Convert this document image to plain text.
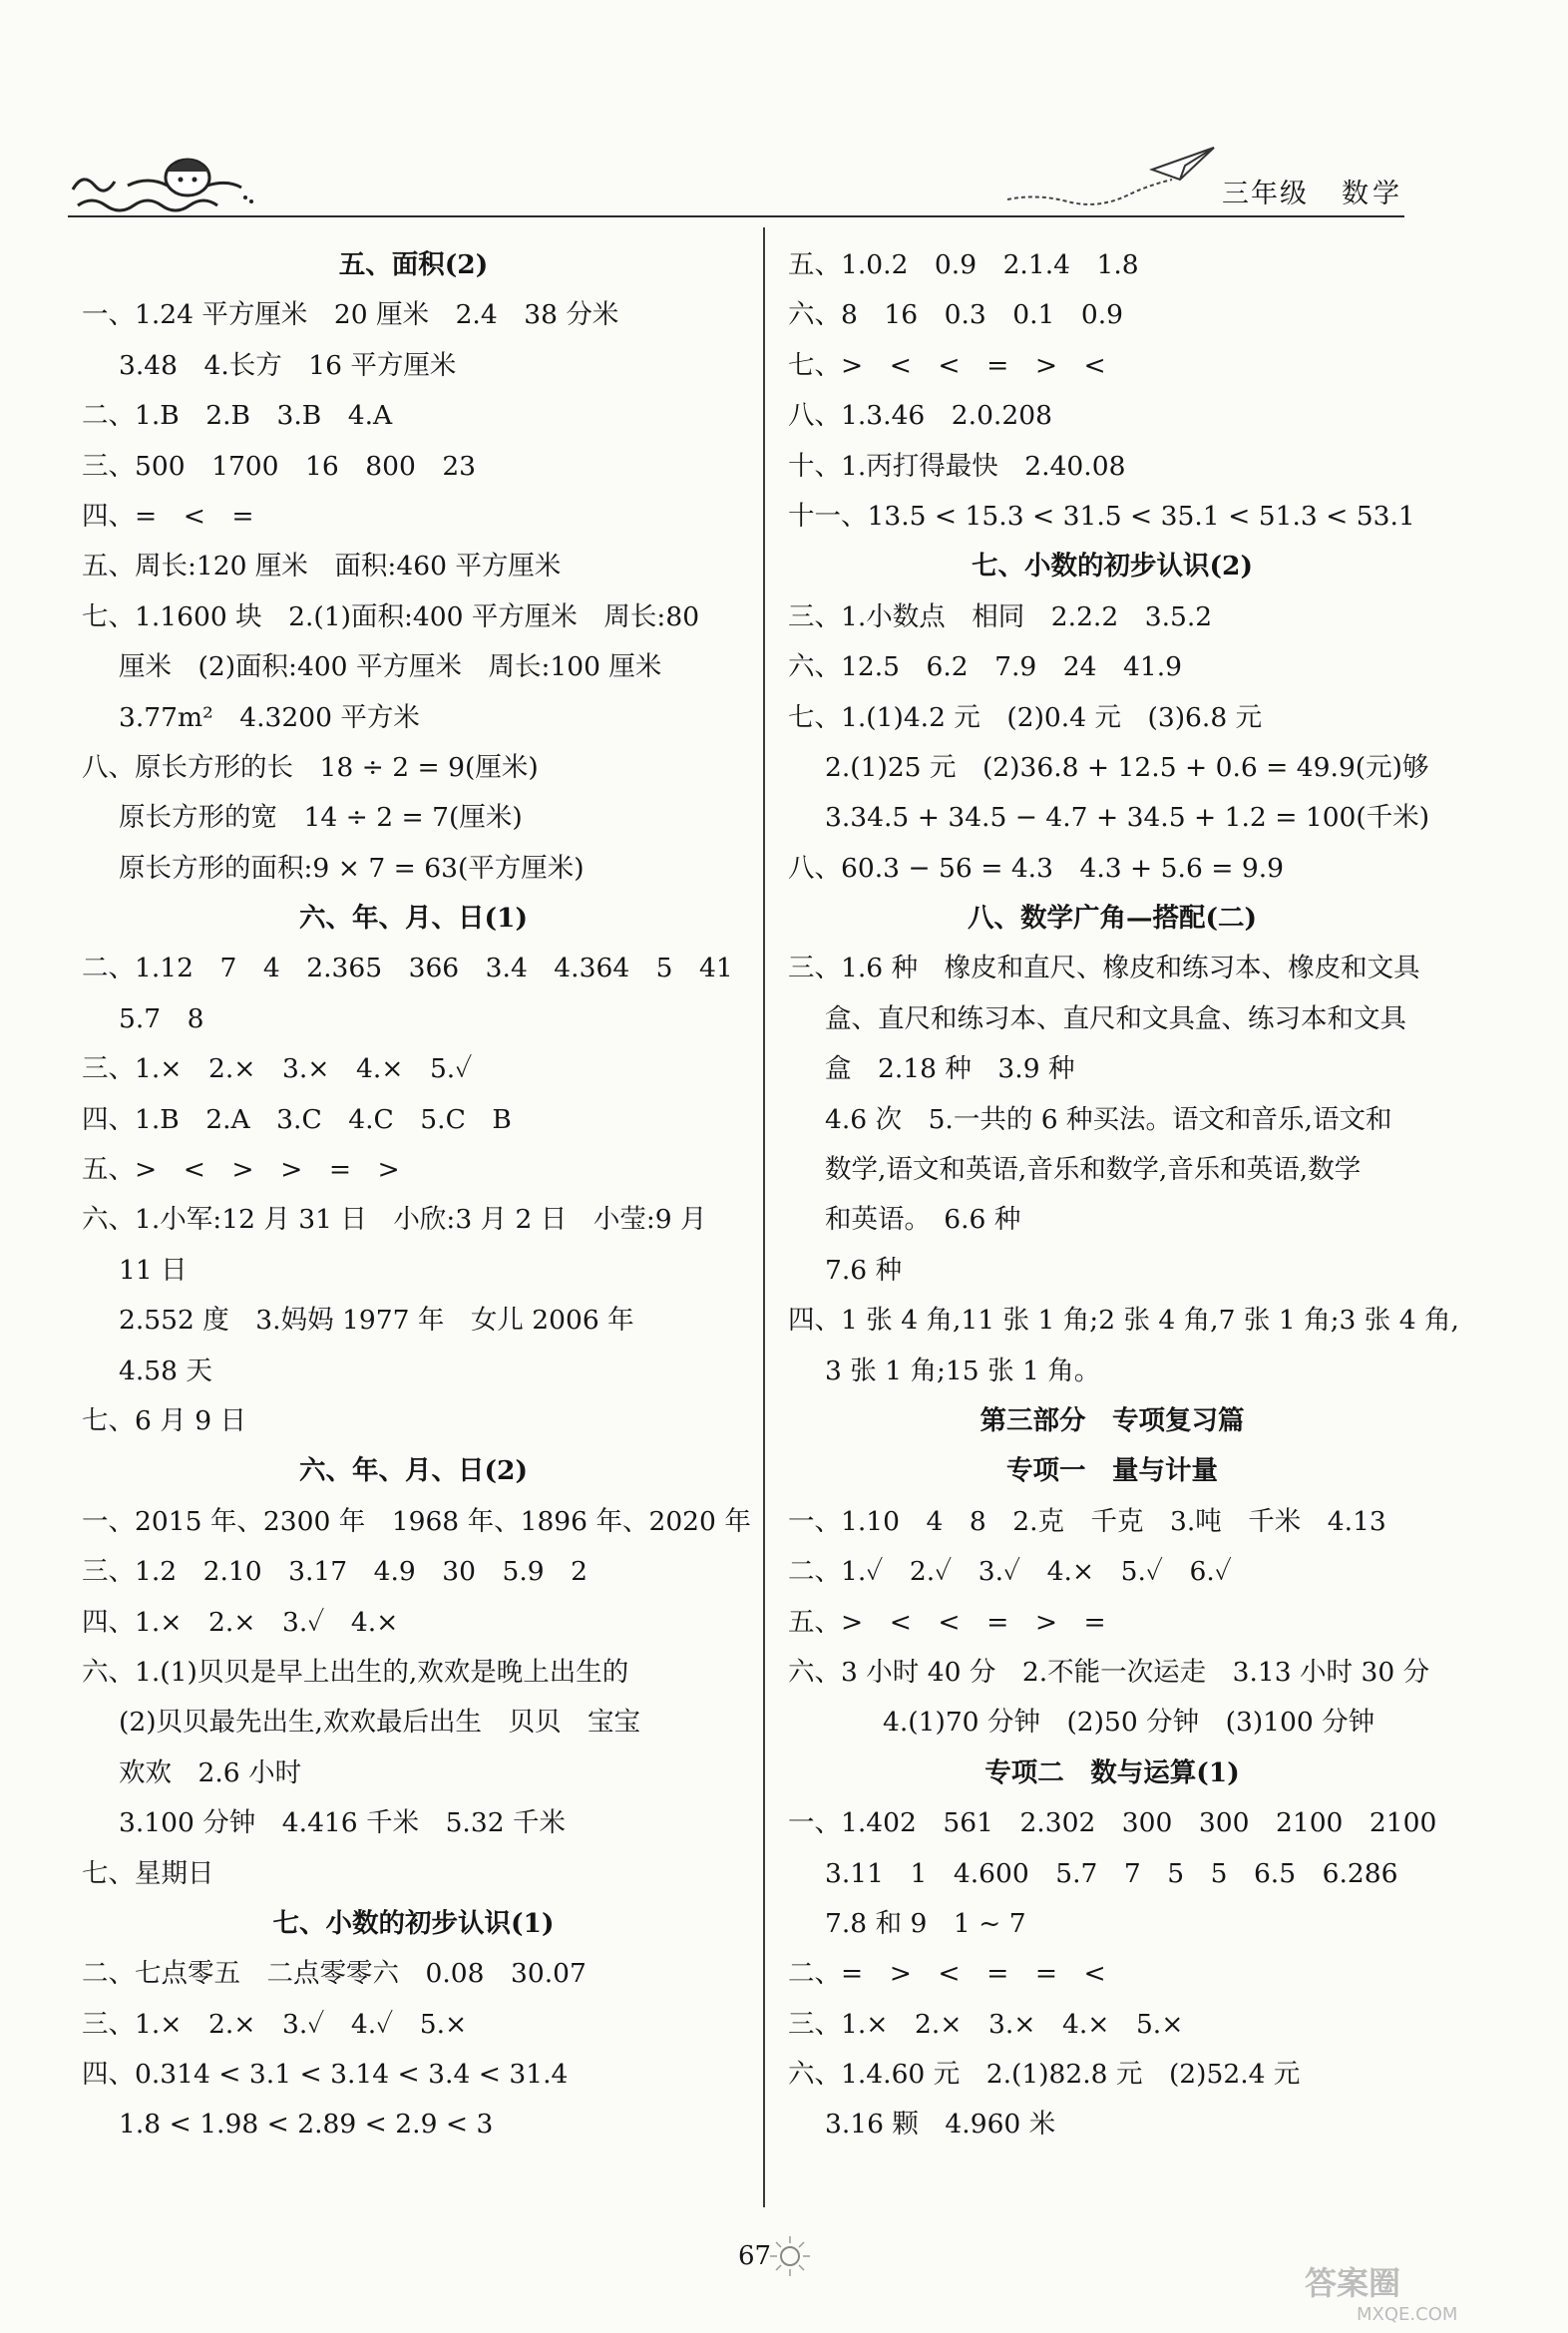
三年级 数学
五、面积(2)
一、1.24 平方厘米　20 厘米　2.4　38 分米
3.48　4.长方　16 平方厘米
二、1.B　2.B　3.B　4.A
三、500　1700　16　800　23
四、=　<　=
五、周长:120 厘米　面积:460 平方厘米
七、1.1600 块　2.(1)面积:400 平方厘米　周长:80
厘米　(2)面积:400 平方厘米　周长:100 厘米
3.77m²　4.3200 平方米
八、原长方形的长　18 ÷ 2 = 9(厘米)
原长方形的宽　14 ÷ 2 = 7(厘米)
原长方形的面积:9 × 7 = 63(平方厘米)
六、年、月、日(1)
二、1.12　7　4　2.365　366　3.4　4.364　5　41
5.7　8
三、1.×　2.×　3.×　4.×　5.✓
四、1.B　2.A　3.C　4.C　5.C　B
五、>　<　>　>　=　>
六、1.小军:12 月 31 日　小欣:3 月 2 日　小莹:9 月
11 日
2.552 度　3.妈妈 1977 年　女儿 2006 年
4.58 天
七、6 月 9 日
六、年、月、日(2)
一、2015 年、2300 年　1968 年、1896 年、2020 年
三、1.2　2.10　3.17　4.9　30　5.9　2
四、1.×　2.×　3.✓　4.×
六、1.(1)贝贝是早上出生的,欢欢是晚上出生的
(2)贝贝最先出生,欢欢最后出生　贝贝　宝宝
欢欢　2.6 小时
3.100 分钟　4.416 千米　5.32 千米
七、星期日
七、小数的初步认识(1)
二、七点零五　二点零零六　0.08　30.07
三、1.×　2.×　3.✓　4.✓　5.×
四、0.314 < 3.1 < 3.14 < 3.4 < 31.4
1.8 < 1.98 < 2.89 < 2.9 < 3
五、1.0.2　0.9　2.1.4　1.8
六、8　16　0.3　0.1　0.9
七、>　<　<　=　>　<
八、1.3.46　2.0.208
十、1.丙打得最快　2.40.08
十一、13.5 < 15.3 < 31.5 < 35.1 < 51.3 < 53.1
七、小数的初步认识(2)
三、1.小数点　相同　2.2.2　3.5.2
六、12.5　6.2　7.9　24　41.9
七、1.(1)4.2 元　(2)0.4 元　(3)6.8 元
2.(1)25 元　(2)36.8 + 12.5 + 0.6 = 49.9(元)够
3.34.5 + 34.5 − 4.7 + 34.5 + 1.2 = 100(千米)
八、60.3 − 56 = 4.3　4.3 + 5.6 = 9.9
八、数学广角—搭配(二)
三、1.6 种　橡皮和直尺、橡皮和练习本、橡皮和文具
盒、直尺和练习本、直尺和文具盒、练习本和文具
盒　2.18 种　3.9 种
4.6 次　5.一共的 6 种买法。语文和音乐,语文和
数学,语文和英语,音乐和数学,音乐和英语,数学
和英语。　6.6 种
7.6 种
四、1 张 4 角,11 张 1 角;2 张 4 角,7 张 1 角;3 张 4 角,
3 张 1 角;15 张 1 角。
第三部分　专项复习篇
专项一　量与计量
一、1.10　4　8　2.克　千克　3.吨　千米　4.13
二、1.✓　2.✓　3.✓　4.×　5.✓　6.✓
五、>　<　<　=　>　=
六、3 小时 40 分　2.不能一次运走　3.13 小时 30 分
4.(1)70 分钟　(2)50 分钟　(3)100 分钟
专项二　数与运算(1)
一、1.402　561　2.302　300　300　2100　2100
3.11　1　4.600　5.7　7　5　5　6.5　6.286
7.8 和 9　1 ~ 7
二、=　>　<　=　=　<
三、1.×　2.×　3.×　4.×　5.×
六、1.4.60 元　2.(1)82.8 元　(2)52.4 元
3.16 颗　4.960 米
67
答案圈
MXQE.COM
